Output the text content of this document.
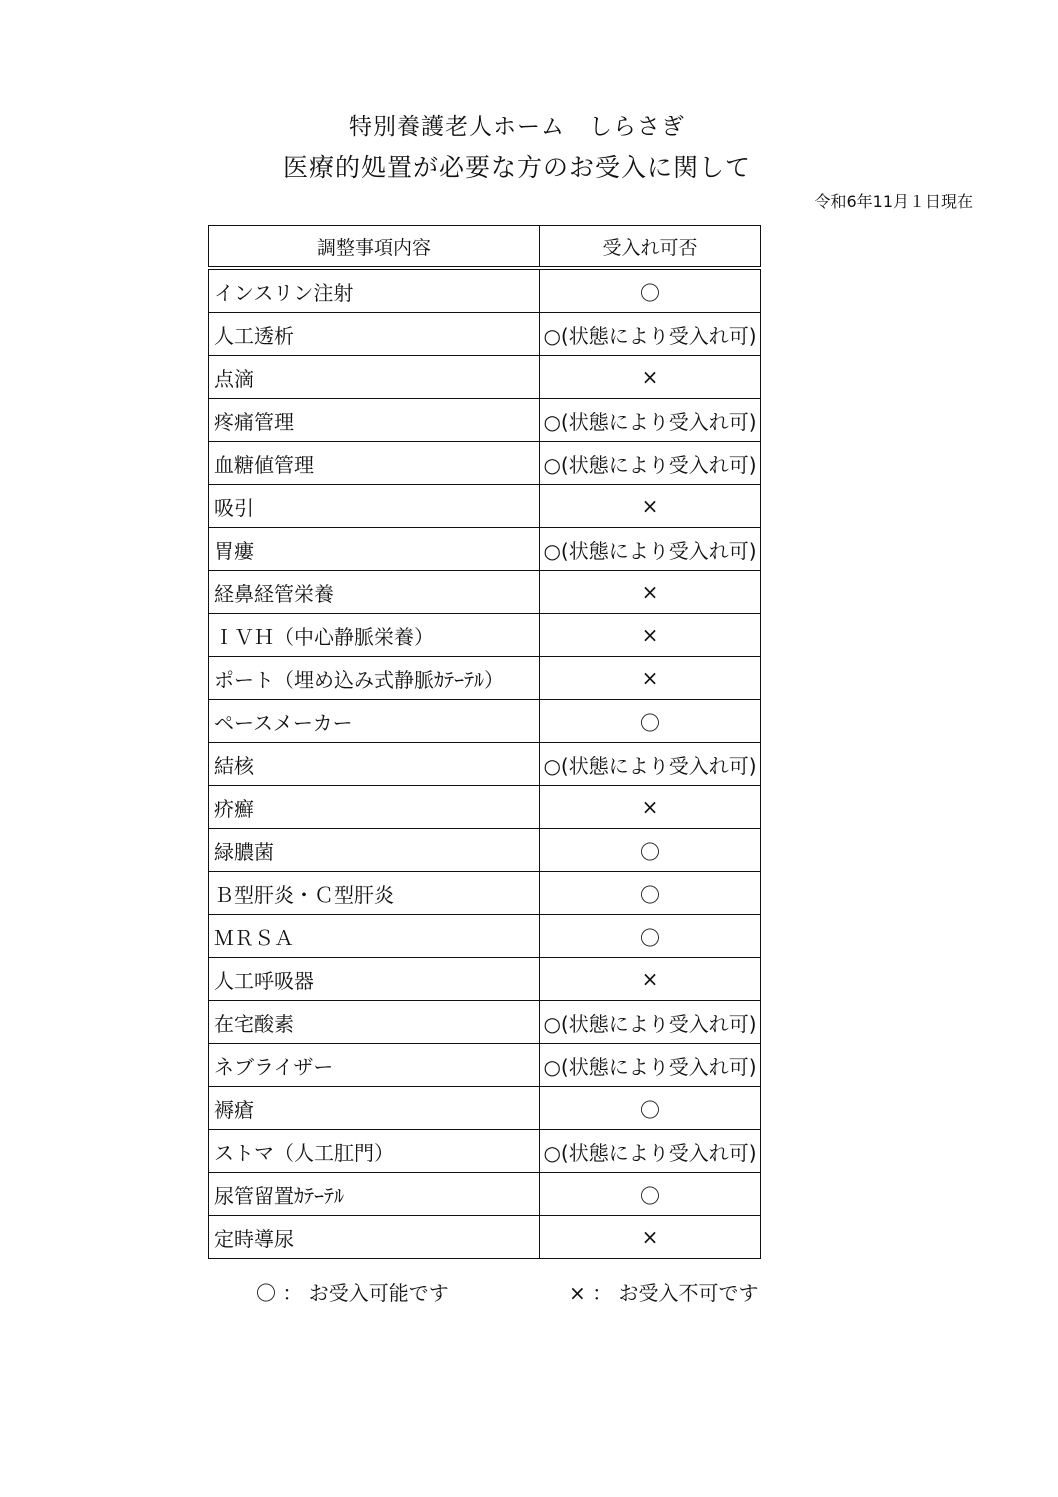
特別養護老人ホーム　しらさぎ
医療的処置が必要な方のお受入に関して
令和6年11月１日現在
調整事項内容	受入れ可否
インスリン注射	〇
人工透析	○(状態により受入れ可)
点滴	×
疼痛管理	○(状態により受入れ可)
血糖値管理	○(状態により受入れ可)
吸引	×
胃瘻	○(状態により受入れ可)
経鼻経管栄養	×
ＩＶＨ（中心静脈栄養）	×
ポート（埋め込み式静脈ｶﾃｰﾃﾙ）	×
ペースメーカー	〇
結核	○(状態により受入れ可)
疥癬	×
緑膿菌	〇
Ｂ型肝炎・Ｃ型肝炎	〇
ＭＲＳＡ	〇
人工呼吸器	×
在宅酸素	○(状態により受入れ可)
ネブライザー	○(状態により受入れ可)
褥瘡	〇
ストマ（人工肛門）	○(状態により受入れ可)
尿管留置ｶﾃｰﾃﾙ	〇
定時導尿	×
〇 ： お受入可能です	× ： お受入不可です
